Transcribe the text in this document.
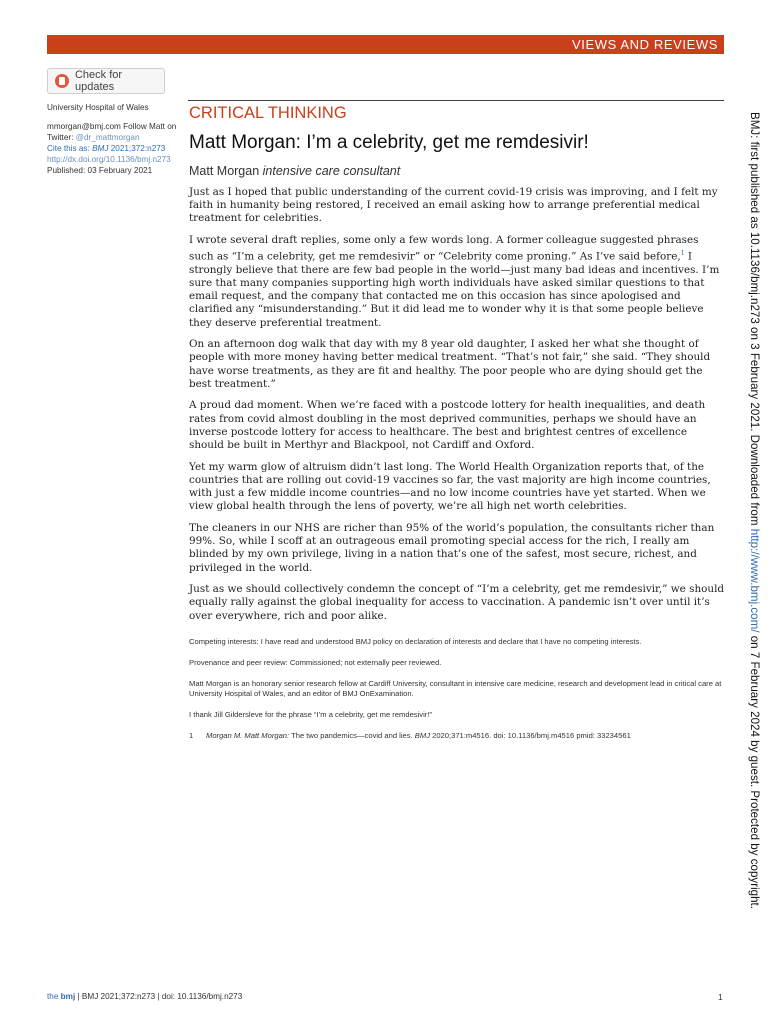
VIEWS AND REVIEWS
Check for updates
University Hospital of Wales
mmorgan@bmj.com Follow Matt on
Twitter: @dr_mattmorgan
Cite this as: BMJ 2021;372:n273
http://dx.doi.org/10.1136/bmj.n273
Published: 03 February 2021
CRITICAL THINKING
Matt Morgan: I’m a celebrity, get me remdesivir!
Matt Morgan intensive care consultant

Just as I hoped that public understanding of the current covid-19 crisis was improving, and I felt my faith in humanity being restored, I received an email asking how to arrange preferential medical treatment for celebrities.

I wrote several draft replies, some only a few words long. A former colleague suggested phrases such as “I’m a celebrity, get me remdesivir” or “Celebrity come proning.” As I’ve said before,$^1$ I strongly believe that there are few bad people in the world—just many bad ideas and incentives. I’m sure that many companies supporting high worth individuals have asked similar questions to that email request, and the company that contacted me on this occasion has since apologised and clarified any “misunderstanding.” But it did lead me to wonder why it is that some people believe they deserve preferential treatment.

On an afternoon dog walk that day with my 8 year old daughter, I asked her what she thought of people with more money having better medical treatment. “That’s not fair,” she said. “They should have worse treatments, as they are fit and healthy. The poor people who are dying should get the best treatment.”

A proud dad moment. When we’re faced with a postcode lottery for health inequalities, and death rates from covid almost doubling in the most deprived communities, perhaps we should have an inverse postcode lottery for access to healthcare. The best and brightest centres of excellence should be built in Merthyr and Blackpool, not Cardiff and Oxford.

Yet my warm glow of altruism didn’t last long. The World Health Organization reports that, of the countries that are rolling out covid-19 vaccines so far, the vast majority are high income countries, with just a few middle income countries—and no low income countries have yet started. When we view global health through the lens of poverty, we’re all high net worth celebrities.

The cleaners in our NHS are richer than 95% of the world’s population, the consultants richer than 99%. So, while I scoff at an outrageous email promoting special access for the rich, I really am blinded by my own privilege, living in a nation that’s one of the safest, most secure, richest, and privileged in the world.

Just as we should collectively condemn the concept of “I’m a celebrity, get me remdesivir,” we should equally rally against the global inequality for access to vaccination. A pandemic isn’t over until it’s over everywhere, rich and poor alike.

Competing interests: I have read and understood BMJ policy on declaration of interests and declare that I have no competing interests.

Provenance and peer review: Commissioned; not externally peer reviewed.

Matt Morgan is an honorary senior research fellow at Cardiff University, consultant in intensive care medicine, research and development lead in critical care at University Hospital of Wales, and an editor of BMJ OnExamination.

I thank Jill Gildersleve for the phrase “I’m a celebrity, get me remdesivir!”

1	Morgan M. Matt Morgan: The two pandemics—covid and lies. BMJ 2020;371:m4516. doi: 10.1136/bmj.m4516 pmid: 33234561
BMJ: first published as 10.1136/bmj.n273 on 3 February 2021. Downloaded from http://www.bmj.com/ on 7 February 2024 by guest. Protected by copyright.
the bmj | BMJ 2021;372:n273 | doi: 10.1136/bmj.n273	1
